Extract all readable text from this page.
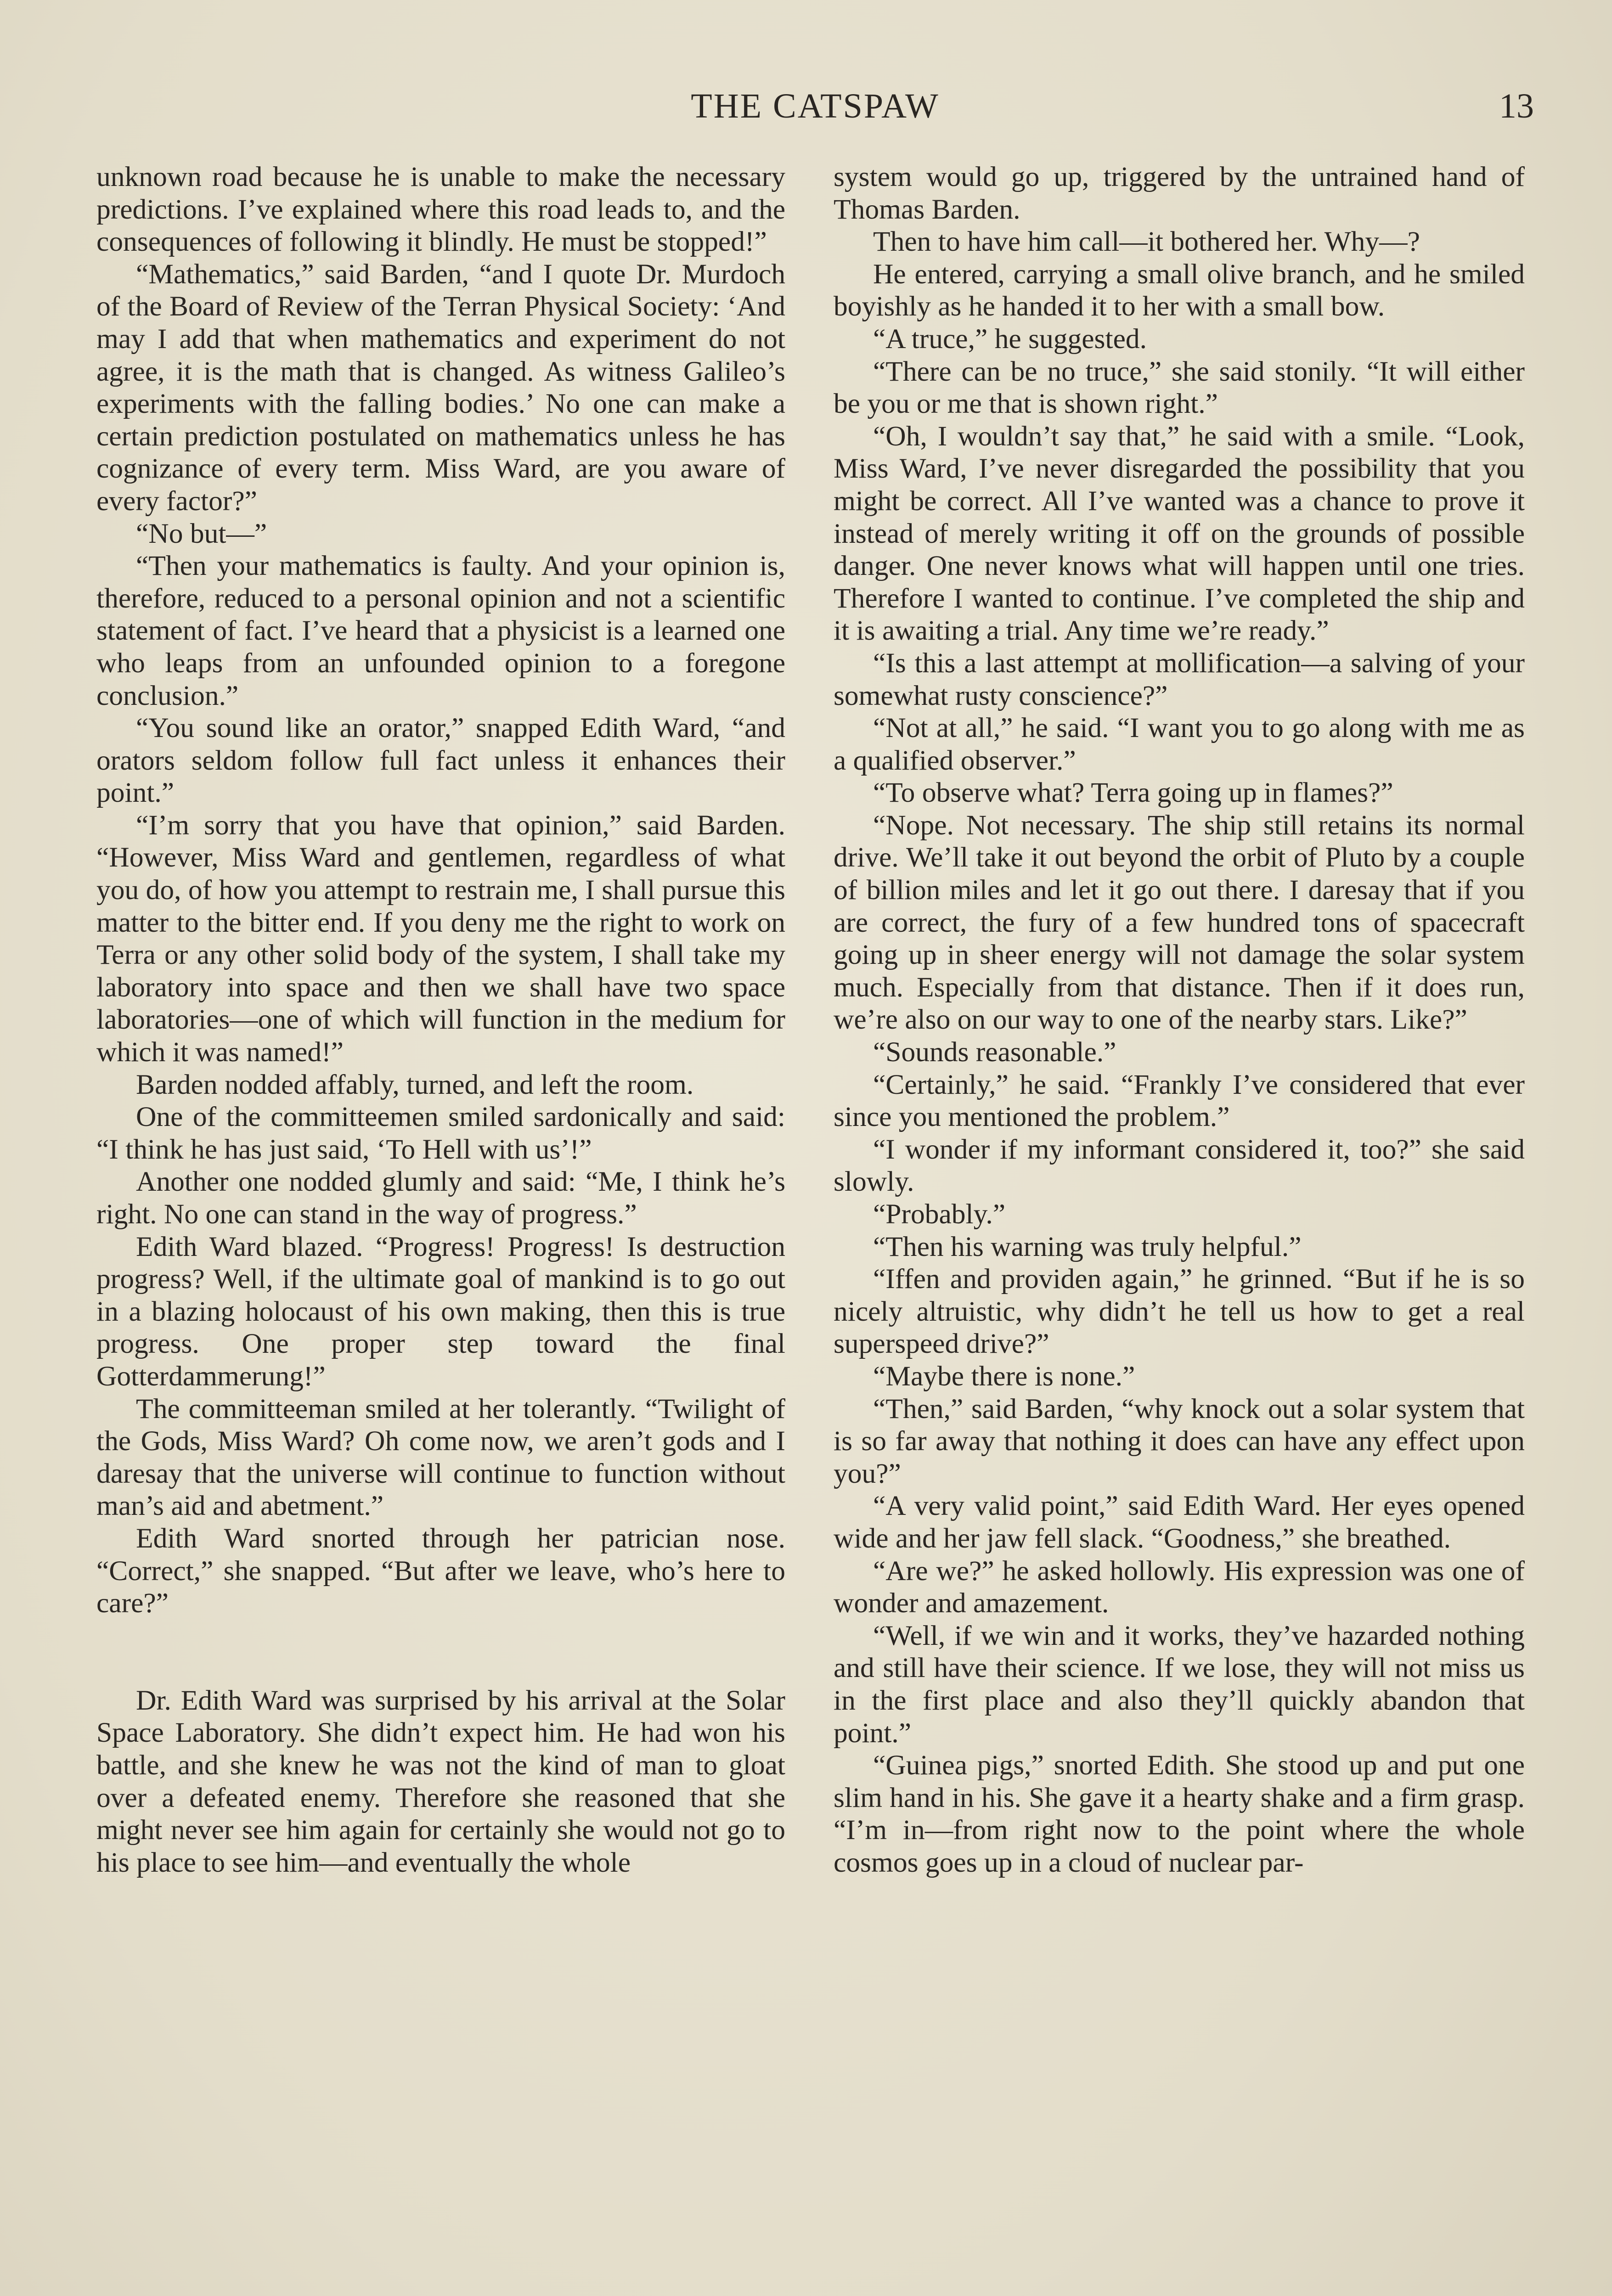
THE CATSPAW	13

unknown road because he is unable to make the necessary predictions. I’ve explained where this road leads to, and the consequences of following it blindly. He must be stopped!”

“Mathematics,” said Barden, “and I quote Dr. Murdoch of the Board of Review of the Terran Physical Society: ‘And may I add that when mathematics and experiment do not agree, it is the math that is changed. As witness Galileo’s experiments with the falling bodies.’ No one can make a certain prediction postulated on mathematics unless he has cognizance of every term. Miss Ward, are you aware of every factor?”

“No but—”

“Then your mathematics is faulty. And your opinion is, therefore, reduced to a personal opinion and not a scientific statement of fact. I’ve heard that a physicist is a learned one who leaps from an unfounded opinion to a foregone conclusion.”

“You sound like an orator,” snapped Edith Ward, “and orators seldom follow full fact unless it enhances their point.”

“I’m sorry that you have that opinion,” said Barden. “However, Miss Ward and gentlemen, regardless of what you do, of how you attempt to restrain me, I shall pursue this matter to the bitter end. If you deny me the right to work on Terra or any other solid body of the system, I shall take my laboratory into space and then we shall have two space laboratories—one of which will function in the medium for which it was named!”

Barden nodded affably, turned, and left the room.

One of the committeemen smiled sardonically and said: “I think he has just said, ‘To Hell with us’!”

Another one nodded glumly and said: “Me, I think he’s right. No one can stand in the way of progress.”

Edith Ward blazed. “Progress! Progress! Is destruction progress? Well, if the ultimate goal of mankind is to go out in a blazing holocaust of his own making, then this is true progress. One proper step toward the final Gotterdammerung!”

The committeeman smiled at her tolerantly. “Twilight of the Gods, Miss Ward? Oh come now, we aren’t gods and I daresay that the universe will continue to function without man’s aid and abetment.”

Edith Ward snorted through her patrician nose. “Correct,” she snapped. “But after we leave, who’s here to care?”

Dr. Edith Ward was surprised by his arrival at the Solar Space Laboratory. She didn’t expect him. He had won his battle, and she knew he was not the kind of man to gloat over a defeated enemy. Therefore she reasoned that she might never see him again for certainly she would not go to his place to see him—and eventually the whole

system would go up, triggered by the untrained hand of Thomas Barden.

Then to have him call—it bothered her. Why—?

He entered, carrying a small olive branch, and he smiled boyishly as he handed it to her with a small bow.

“A truce,” he suggested.

“There can be no truce,” she said stonily. “It will either be you or me that is shown right.”

“Oh, I wouldn’t say that,” he said with a smile. “Look, Miss Ward, I’ve never disregarded the possibility that you might be correct. All I’ve wanted was a chance to prove it instead of merely writing it off on the grounds of possible danger. One never knows what will happen until one tries. Therefore I wanted to continue. I’ve completed the ship and it is awaiting a trial. Any time we’re ready.”

“Is this a last attempt at mollification—a salving of your somewhat rusty conscience?”

“Not at all,” he said. “I want you to go along with me as a qualified observer.”

“To observe what? Terra going up in flames?”

“Nope. Not necessary. The ship still retains its normal drive. We’ll take it out beyond the orbit of Pluto by a couple of billion miles and let it go out there. I daresay that if you are correct, the fury of a few hundred tons of spacecraft going up in sheer energy will not damage the solar system much. Especially from that distance. Then if it does run, we’re also on our way to one of the nearby stars. Like?”

“Sounds reasonable.”

“Certainly,” he said. “Frankly I’ve considered that ever since you mentioned the problem.”

“I wonder if my informant considered it, too?” she said slowly.

“Probably.”

“Then his warning was truly helpful.”

“Iffen and providen again,” he grinned. “But if he is so nicely altruistic, why didn’t he tell us how to get a real superspeed drive?”

“Maybe there is none.”

“Then,” said Barden, “why knock out a solar system that is so far away that nothing it does can have any effect upon you?”

“A very valid point,” said Edith Ward. Her eyes opened wide and her jaw fell slack. “Goodness,” she breathed.

“Are we?” he asked hollowly. His expression was one of wonder and amazement.

“Well, if we win and it works, they’ve hazarded nothing and still have their science. If we lose, they will not miss us in the first place and also they’ll quickly abandon that point.”

“Guinea pigs,” snorted Edith. She stood up and put one slim hand in his. She gave it a hearty shake and a firm grasp. “I’m in—from right now to the point where the whole cosmos goes up in a cloud of nuclear par-
